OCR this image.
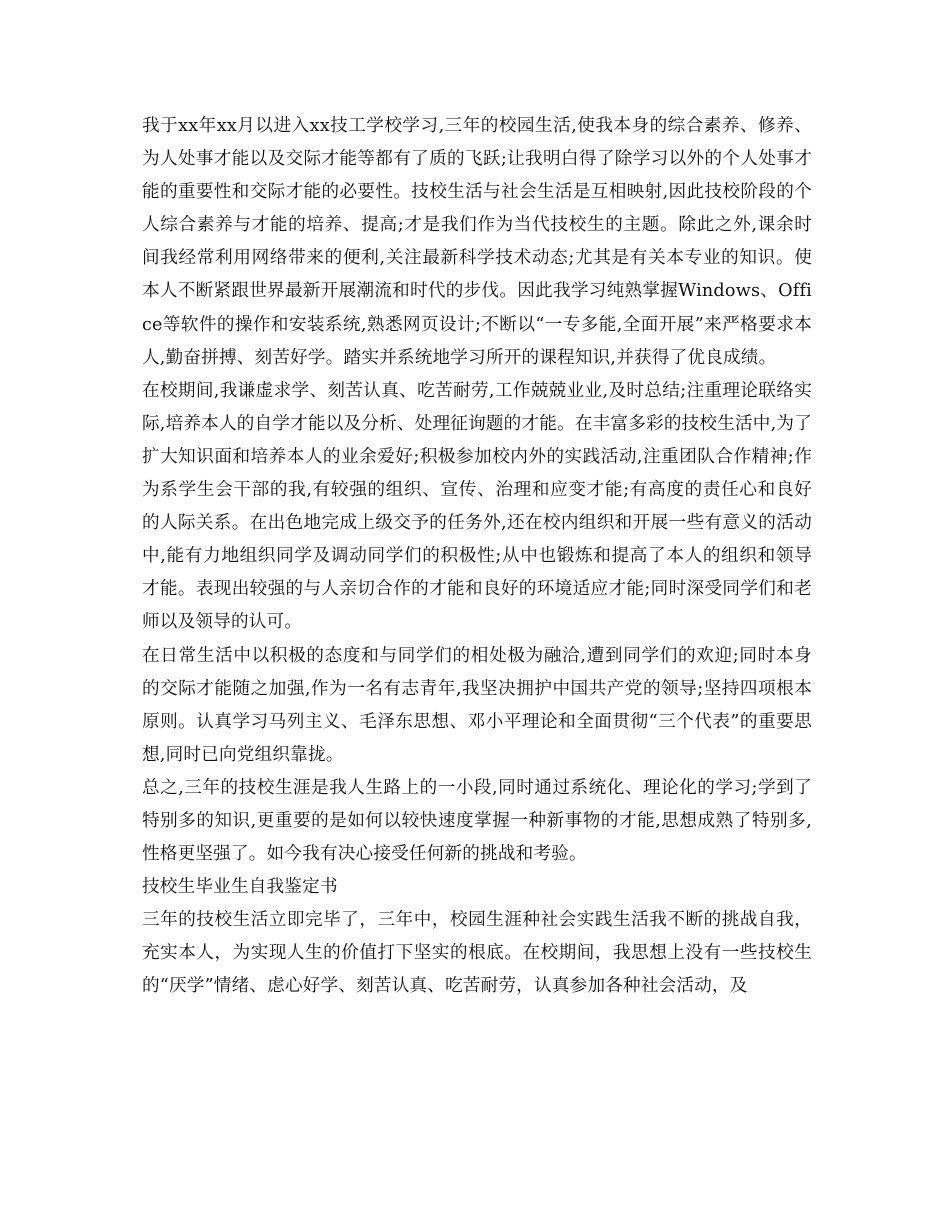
我于xx年xx月以进入xx技工学校学习,三年的校园生活,使我本身的综合素养、修养、为人处事才能以及交际才能等都有了质的飞跃;让我明白得了除学习以外的个人处事才能的重要性和交际才能的必要性。技校生活与社会生活是互相映射,因此技校阶段的个人综合素养与才能的培养、提高;才是我们作为当代技校生的主题。除此之外,课余时间我经常利用网络带来的便利,关注最新科学技术动态;尤其是有关本专业的知识。使本人不断紧跟世界最新开展潮流和时代的步伐。因此我学习纯熟掌握Windows、Office等软件的操作和安装系统,熟悉网页设计;不断以“一专多能,全面开展”来严格要求本人,勤奋拼搏、刻苦好学。踏实并系统地学习所开的课程知识,并获得了优良成绩。

在校期间,我谦虚求学、刻苦认真、吃苦耐劳,工作兢兢业业,及时总结;注重理论联络实际,培养本人的自学才能以及分析、处理征询题的才能。在丰富多彩的技校生活中,为了扩大知识面和培养本人的业余爱好;积极参加校内外的实践活动,注重团队合作精神;作为系学生会干部的我,有较强的组织、宣传、治理和应变才能;有高度的责任心和良好的人际关系。在出色地完成上级交予的任务外,还在校内组织和开展一些有意义的活动中,能有力地组织同学及调动同学们的积极性;从中也锻炼和提高了本人的组织和领导才能。表现出较强的与人亲切合作的才能和良好的环境适应才能;同时深受同学们和老师以及领导的认可。

在日常生活中以积极的态度和与同学们的相处极为融洽,遭到同学们的欢迎;同时本身的交际才能随之加强,作为一名有志青年,我坚决拥护中国共产党的领导;坚持四项根本原则。认真学习马列主义、毛泽东思想、邓小平理论和全面贯彻“三个代表”的重要思想,同时已向党组织靠拢。

总之,三年的技校生涯是我人生路上的一小段,同时通过系统化、理论化的学习;学到了特别多的知识,更重要的是如何以较快速度掌握一种新事物的才能,思想成熟了特别多,性格更坚强了。如今我有决心接受任何新的挑战和考验。

技校生毕业生自我鉴定书

三年的技校生活立即完毕了，三年中，校园生涯种社会实践生活我不断的挑战自我，充实本人，为实现人生的价值打下坚实的根底。在校期间，我思想上没有一些技校生的“厌学”情绪、虑心好学、刻苦认真、吃苦耐劳，认真参加各种社会活动，及
